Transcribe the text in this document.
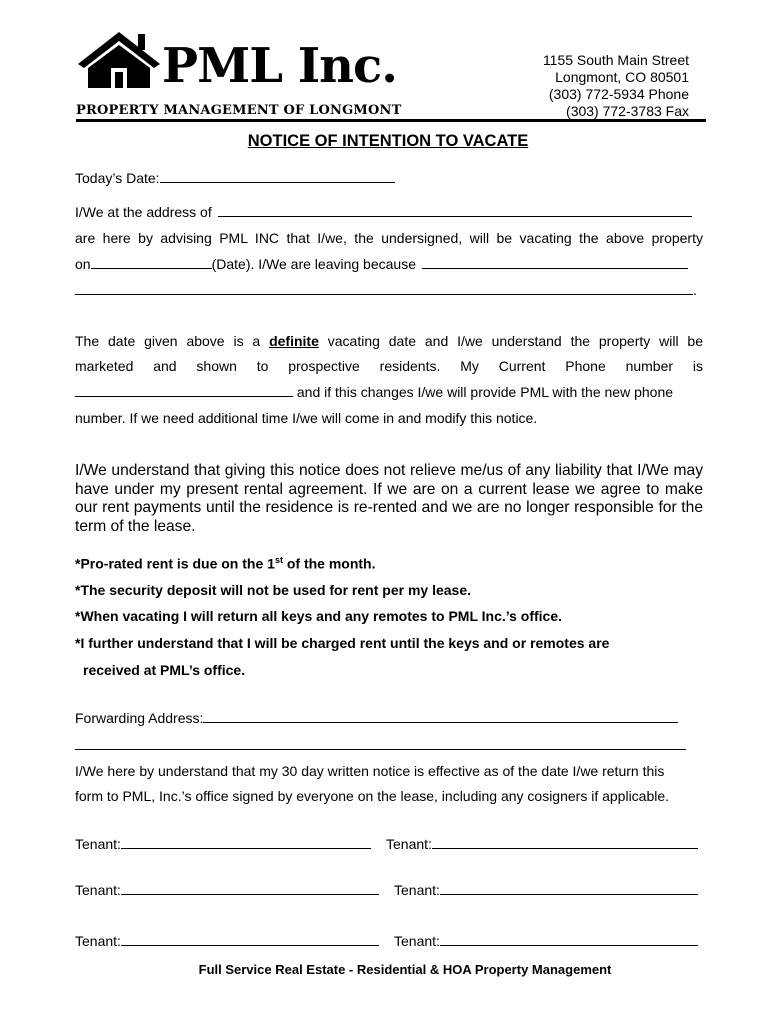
PML Inc.
PROPERTY MANAGEMENT OF LONGMONT
1155 South Main Street
Longmont, CO 80501
(303) 772-5934 Phone
(303) 772-3783 Fax
NOTICE OF INTENTION TO VACATE
Today’s Date:
I/We at the address of
are here by advising PML INC that I/we, the undersigned, will be vacating the above property
on	(Date). I/We are leaving because
.
The date given above is a definite vacating date and I/we understand the property will be
marketed and shown to prospective residents. My Current Phone number is
and if this changes I/we will provide PML with the new phone
number. If we need additional time I/we will come in and modify this notice.
I/We understand that giving this notice does not relieve me/us of any liability that I/We may have under my present rental agreement. If we are on a current lease we agree to make our rent payments until the residence is re-rented and we are no longer responsible for the term of the lease.
*Pro-rated rent is due on the 1st of the month.
*The security deposit will not be used for rent per my lease.
*When vacating I will return all keys and any remotes to PML Inc.’s office.
*I further understand that I will be charged rent until the keys and or remotes are
received at PML’s office.
Forwarding Address:
I/We here by understand that my 30 day written notice is effective as of the date I/we return this
form to PML, Inc.’s office signed by everyone on the lease, including any cosigners if applicable.
Tenant:	Tenant:
Tenant:	Tenant:
Tenant:	Tenant:
Full Service Real Estate - Residential & HOA Property Management
